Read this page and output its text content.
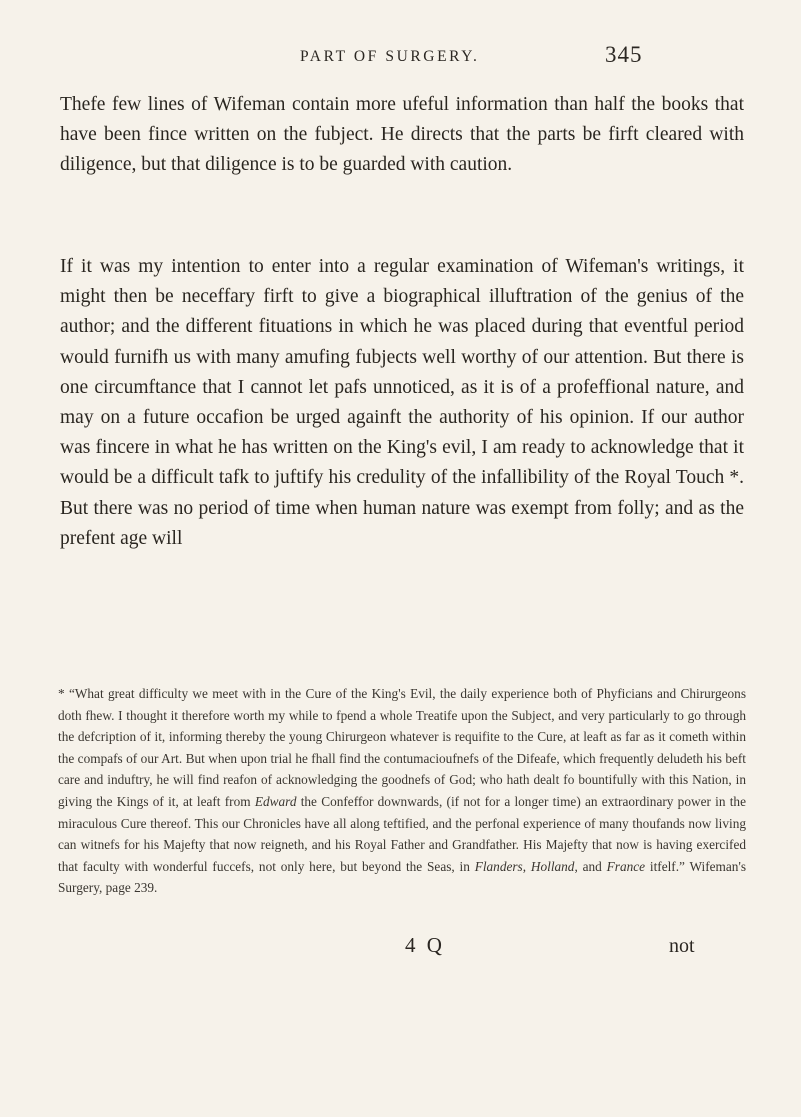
PART OF SURGERY.	345

Thefe few lines of Wifeman contain more ufeful information than half the books that have been fince written on the fubject. He directs that the parts be firft cleared with diligence, but that diligence is to be guarded with caution.

If it was my intention to enter into a regular examination of Wifeman's writings, it might then be neceffary firft to give a biographical illuftration of the genius of the author; and the different fituations in which he was placed during that eventful period would furnifh us with many amufing fubjects well worthy of our attention. But there is one circumftance that I cannot let pafs unnoticed, as it is of a profeffional nature, and may on a future occafion be urged againft the authority of his opinion. If our author was fincere in what he has written on the King's evil, I am ready to acknowledge that it would be a difficult tafk to juftify his credulity of the infallibility of the Royal Touch *. But there was no period of time when human nature was exempt from folly; and as the prefent age will

* “What great difficulty we meet with in the Cure of the King's Evil, the daily experience both of Phyficians and Chirurgeons doth fhew. I thought it therefore worth my while to fpend a whole Treatife upon the Subject, and very particularly to go through the defcription of it, informing thereby the young Chirurgeon whatever is requifite to the Cure, at leaft as far as it cometh within the compafs of our Art. But when upon trial he fhall find the contumacioufnefs of the Difeafe, which frequently deludeth his beft care and induftry, he will find reafon of acknowledging the goodnefs of God; who hath dealt fo bountifully with this Nation, in giving the Kings of it, at leaft from Edward the Confeffor downwards, (if not for a longer time) an extraordinary power in the miraculous Cure thereof. This our Chronicles have all along teftified, and the perfonal experience of many thoufands now living can witnefs for his Majefty that now reigneth, and his Royal Father and Grandfather. His Majefty that now is having exercifed that faculty with wonderful fuccefs, not only here, but beyond the Seas, in Flanders, Holland, and France itfelf.” Wifeman's Surgery, page 239.

4 Q	not
